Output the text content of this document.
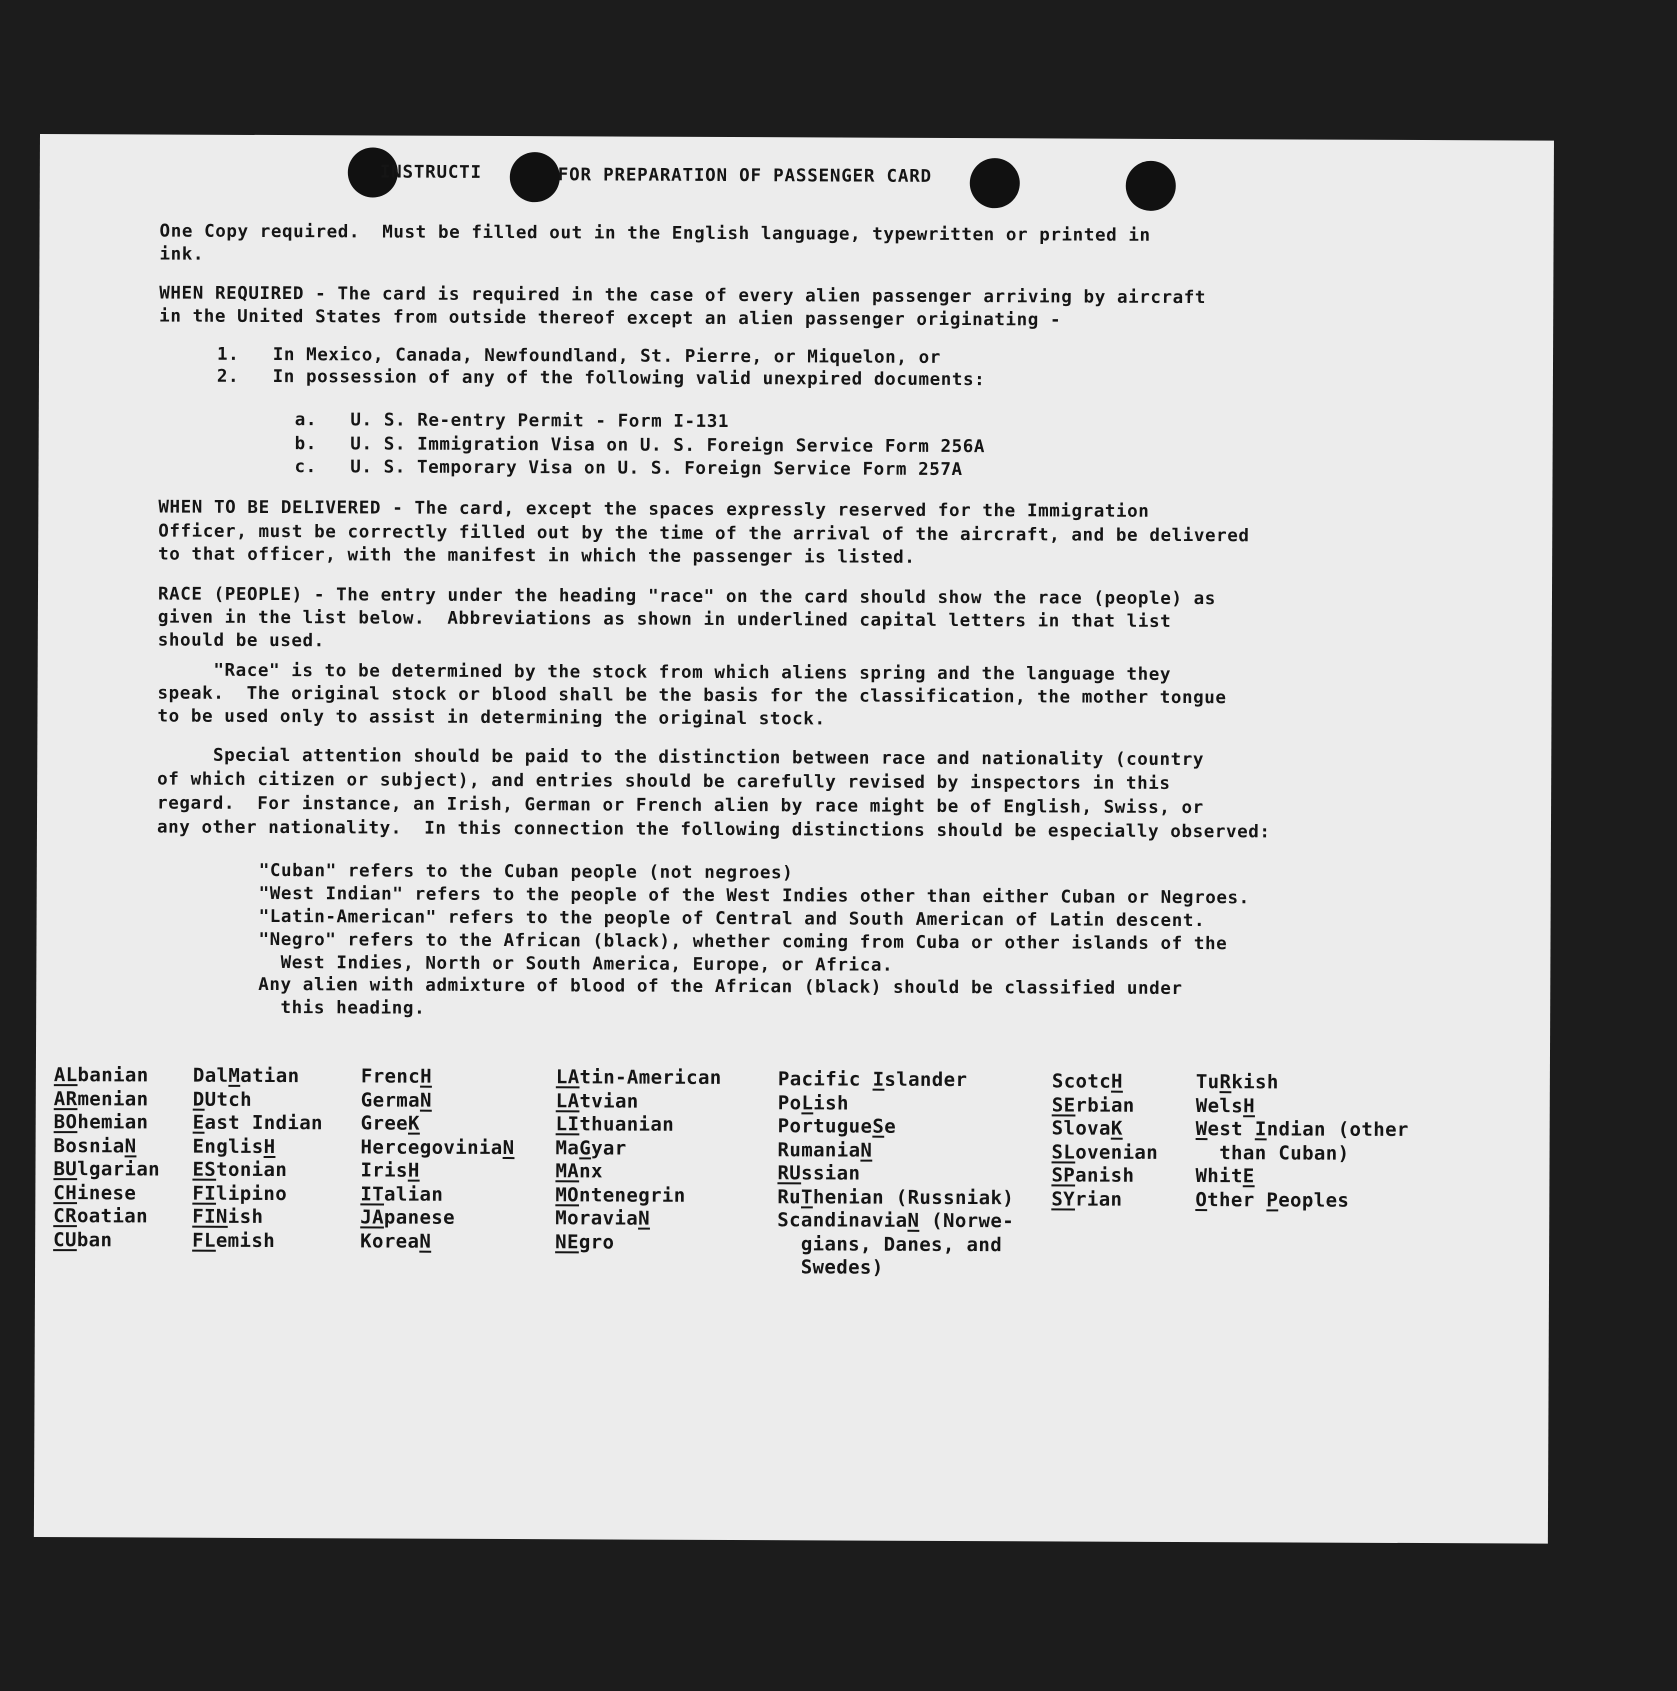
INSTRUCTI	FOR PREPARATION OF PASSENGER CARD
One Copy required.  Must be filled out in the English language, typewritten or printed in
ink.
WHEN REQUIRED - The card is required in the case of every alien passenger arriving by aircraft
in the United States from outside thereof except an alien passenger originating -
1.   In Mexico, Canada, Newfoundland, St. Pierre, or Miquelon, or
2.   In possession of any of the following valid unexpired documents:
a.   U. S. Re-entry Permit - Form I-131
b.   U. S. Immigration Visa on U. S. Foreign Service Form 256A
c.   U. S. Temporary Visa on U. S. Foreign Service Form 257A
WHEN TO BE DELIVERED - The card, except the spaces expressly reserved for the Immigration
Officer, must be correctly filled out by the time of the arrival of the aircraft, and be delivered
to that officer, with the manifest in which the passenger is listed.
RACE (PEOPLE) - The entry under the heading "race" on the card should show the race (people) as
given in the list below.  Abbreviations as shown in underlined capital letters in that list
should be used.
"Race" is to be determined by the stock from which aliens spring and the language they
speak.  The original stock or blood shall be the basis for the classification, the mother tongue
to be used only to assist in determining the original stock.
Special attention should be paid to the distinction between race and nationality (country
of which citizen or subject), and entries should be carefully revised by inspectors in this
regard.  For instance, an Irish, German or French alien by race might be of English, Swiss, or
any other nationality.  In this connection the following distinctions should be especially observed:
"Cuban" refers to the Cuban people (not negroes)
"West Indian" refers to the people of the West Indies other than either Cuban or Negroes.
"Latin-American" refers to the people of Central and South American of Latin descent.
"Negro" refers to the African (black), whether coming from Cuba or other islands of the
West Indies, North or South America, Europe, or Africa.
Any alien with admixture of blood of the African (black) should be classified under
this heading.
ALbanian
ARmenian
BOhemian
BosniaN
BUlgarian
CHinese
CRoatian
CUban
DalMatian
DUtch
East Indian
EnglisH
EStonian
FIlipino
FINish
FLemish
FrencH
GermaN
GreeK
HercegoviniaN
IrisH
ITalian
JApanese
KoreaN
LAtin-American
LAtvian
LIthuanian
MaGyar
MAnx
MOntenegrin
MoraviaN
NEgro
Pacific Islander
PoLish
PortugueSe
RumaniaN
RUssian
RuThenian (Russniak)
ScandinaviaN (Norwe-
gians, Danes, and
Swedes)
ScotcH
SErbian
SlovaK
SLovenian
SPanish
SYrian
TuRkish
WelsH
West Indian (other
than Cuban)
WhitE
Other Peoples
